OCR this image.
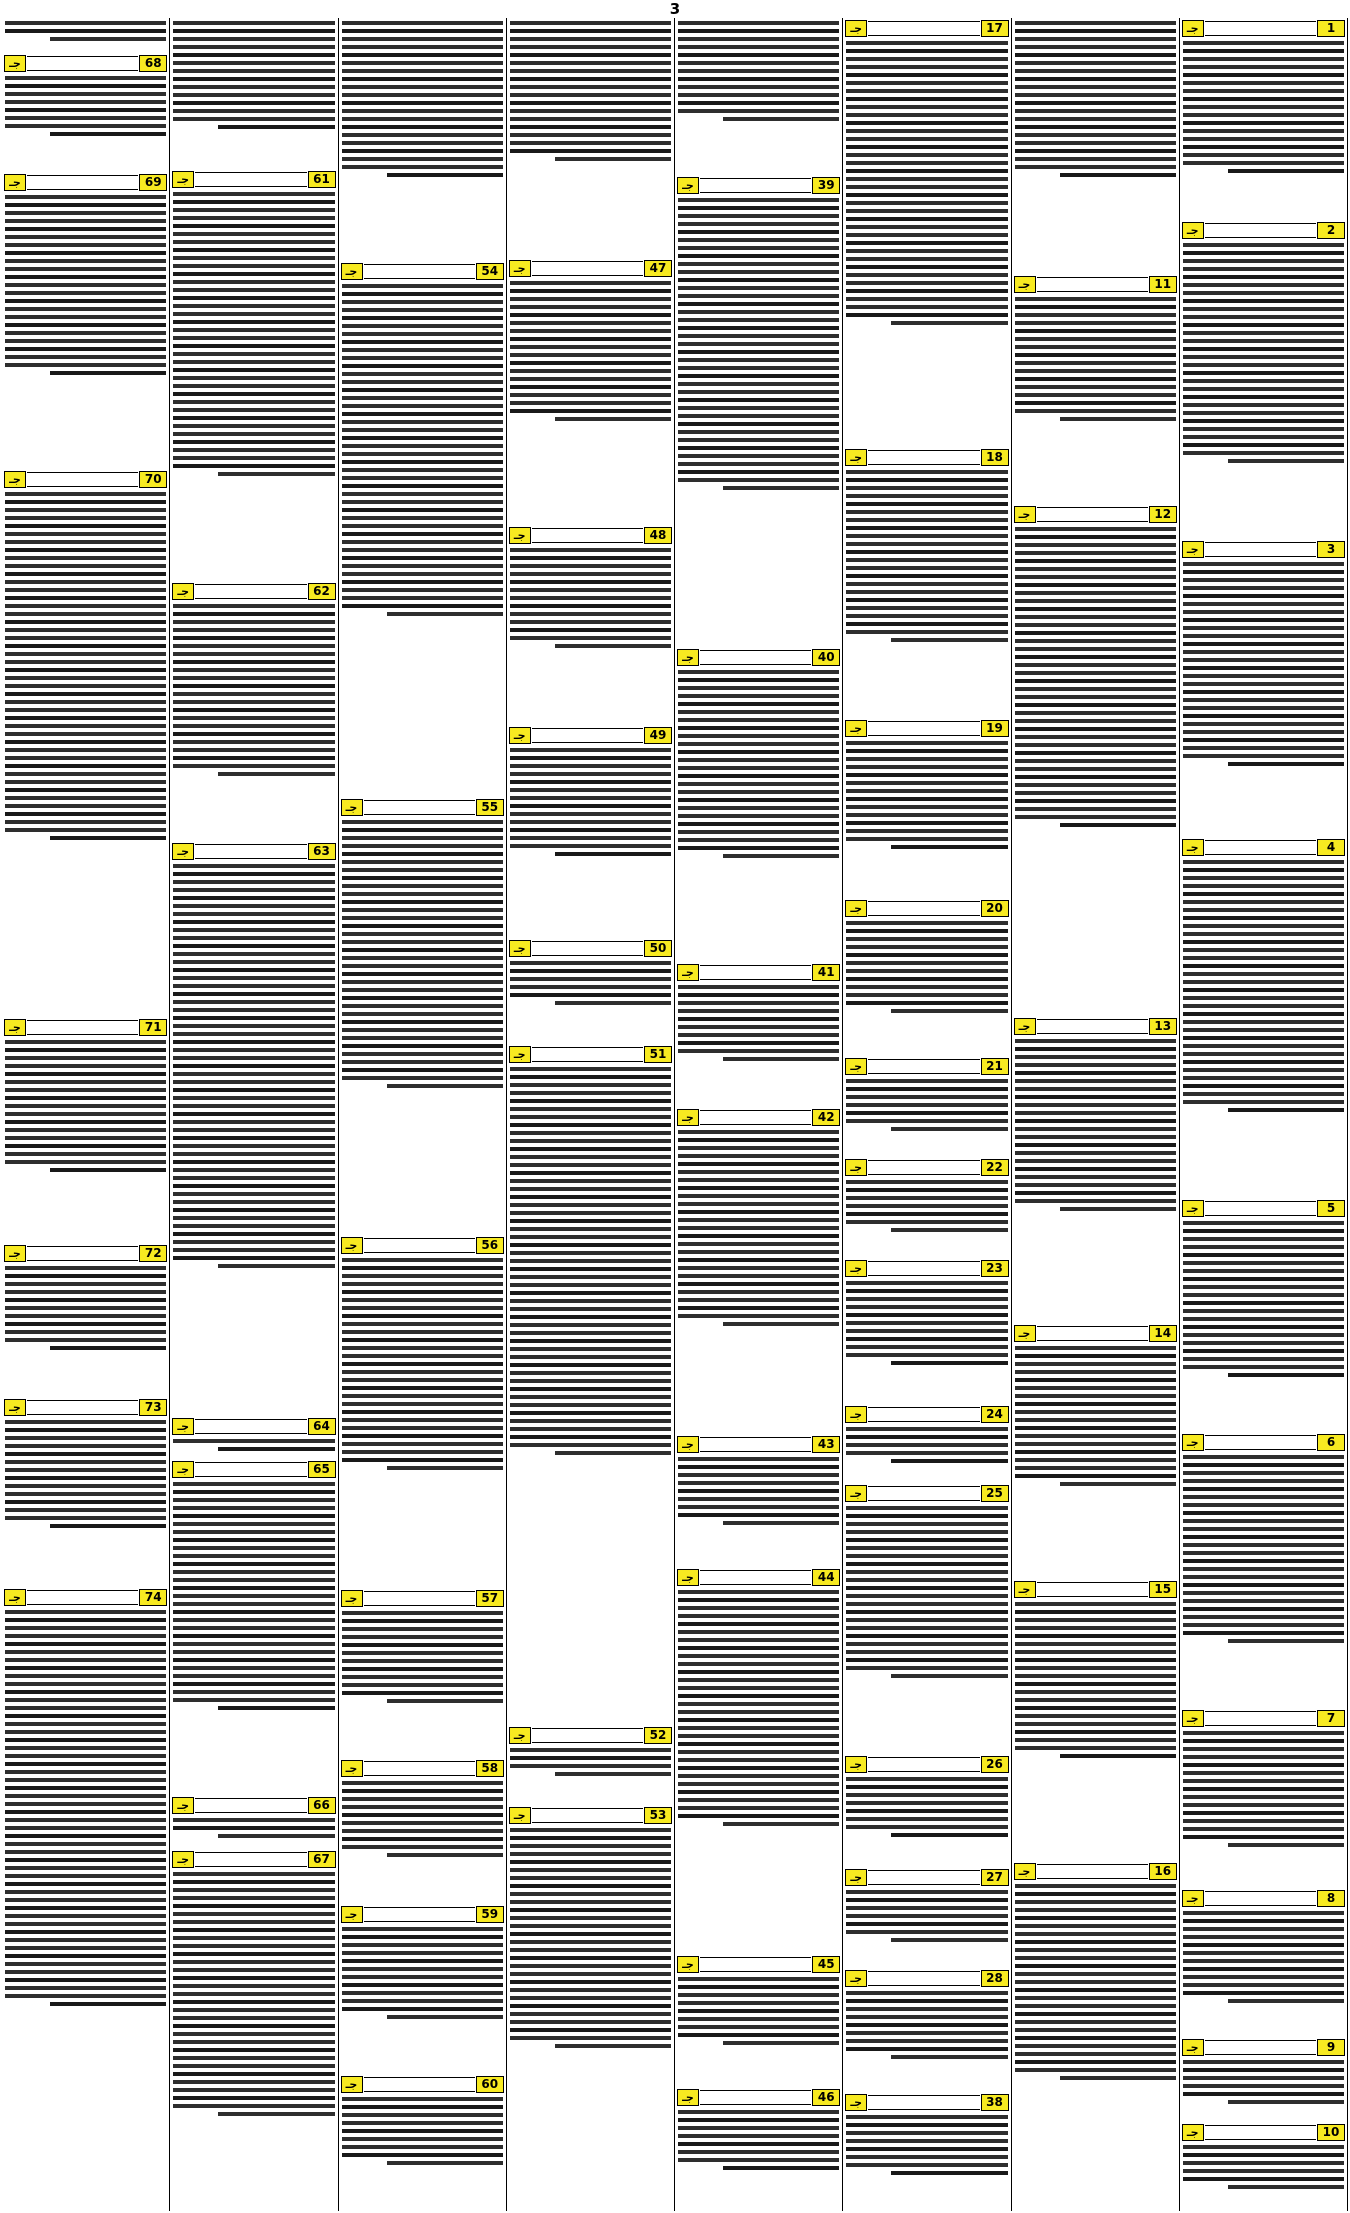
3
1
جـ
2
جـ
3
جـ
4
جـ
5
جـ
6
جـ
7
جـ
8
جـ
9
جـ
10
جـ
11
جـ
12
جـ
13
جـ
14
جـ
15
جـ
16
جـ
17
جـ
18
جـ
19
جـ
20
جـ
21
جـ
22
جـ
23
جـ
24
جـ
25
جـ
26
جـ
27
جـ
28
جـ
38
جـ
39
جـ
40
جـ
41
جـ
42
جـ
43
جـ
44
جـ
45
جـ
46
جـ
47
جـ
48
جـ
49
جـ
50
جـ
51
جـ
52
جـ
53
جـ
54
جـ
55
جـ
56
جـ
57
جـ
58
جـ
59
جـ
60
جـ
61
جـ
62
جـ
63
جـ
64
جـ
65
جـ
66
جـ
67
جـ
68
جـ
69
جـ
70
جـ
71
جـ
72
جـ
73
جـ
74
جـ
